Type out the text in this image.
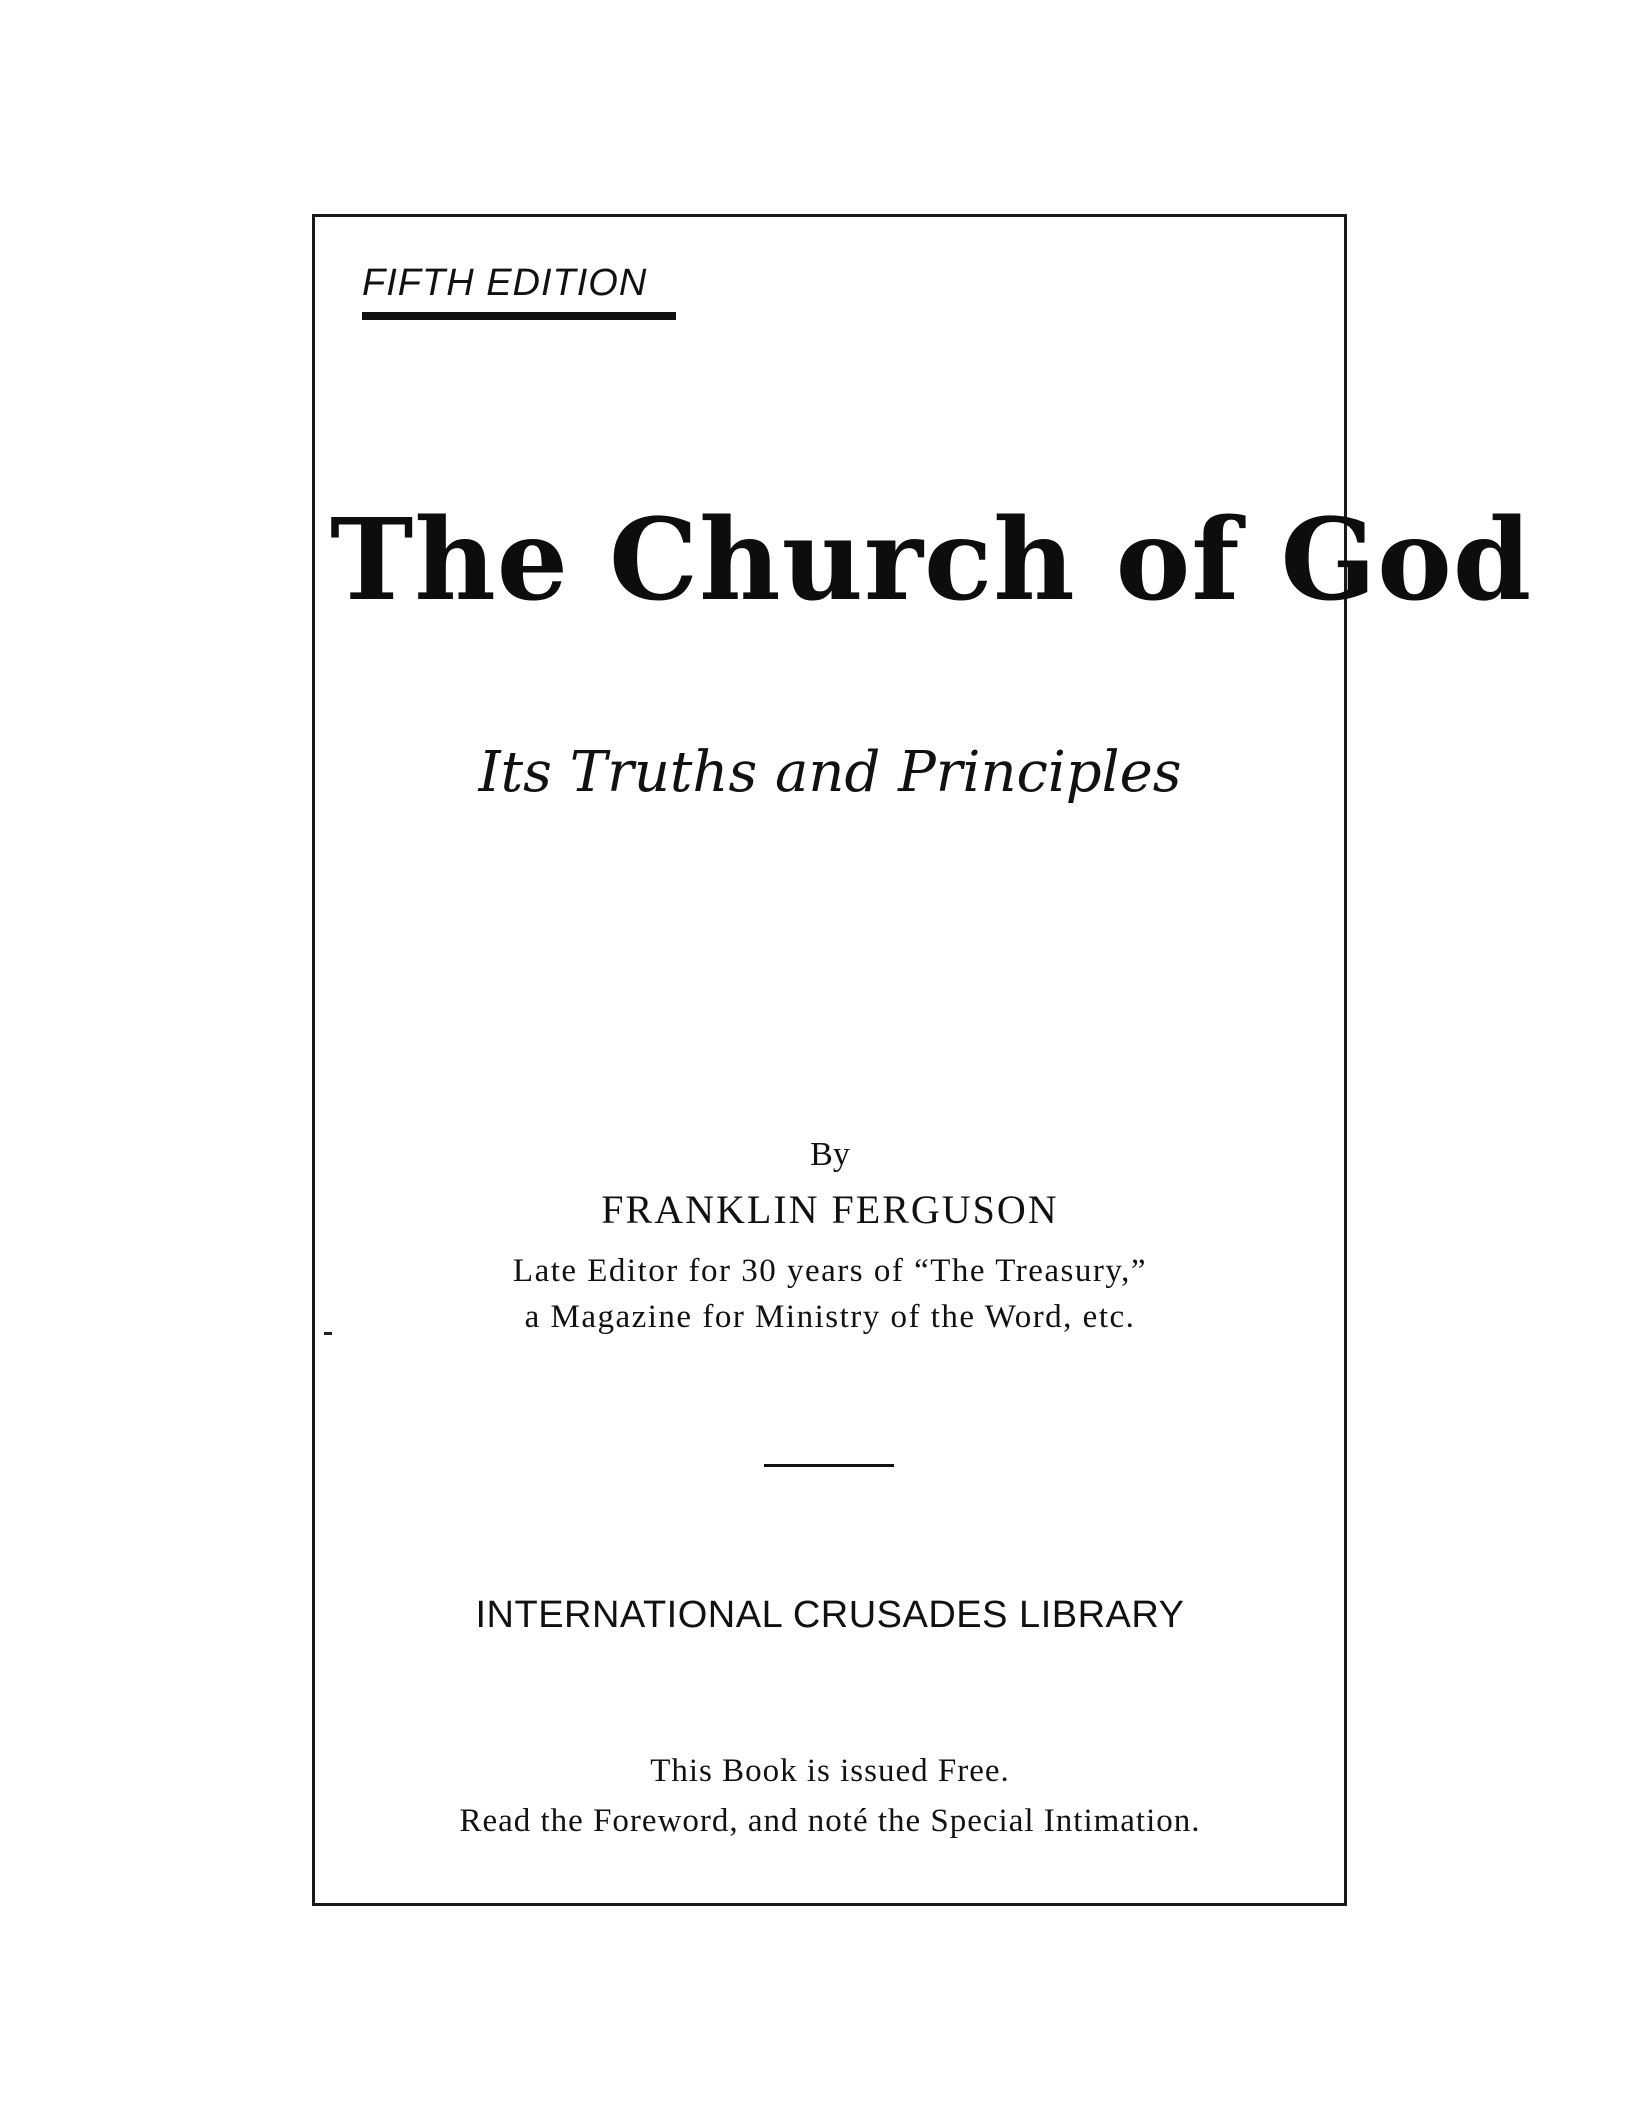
FIFTH EDITION
The Church of God
Its Truths and Principles
By
FRANKLIN FERGUSON
Late Editor for 30 years of “The Treasury,”
a Magazine for Ministry of the Word, etc.
INTERNATIONAL CRUSADES LIBRARY
This Book is issued Free.
Read the Foreword, and noté the Special Intimation.
